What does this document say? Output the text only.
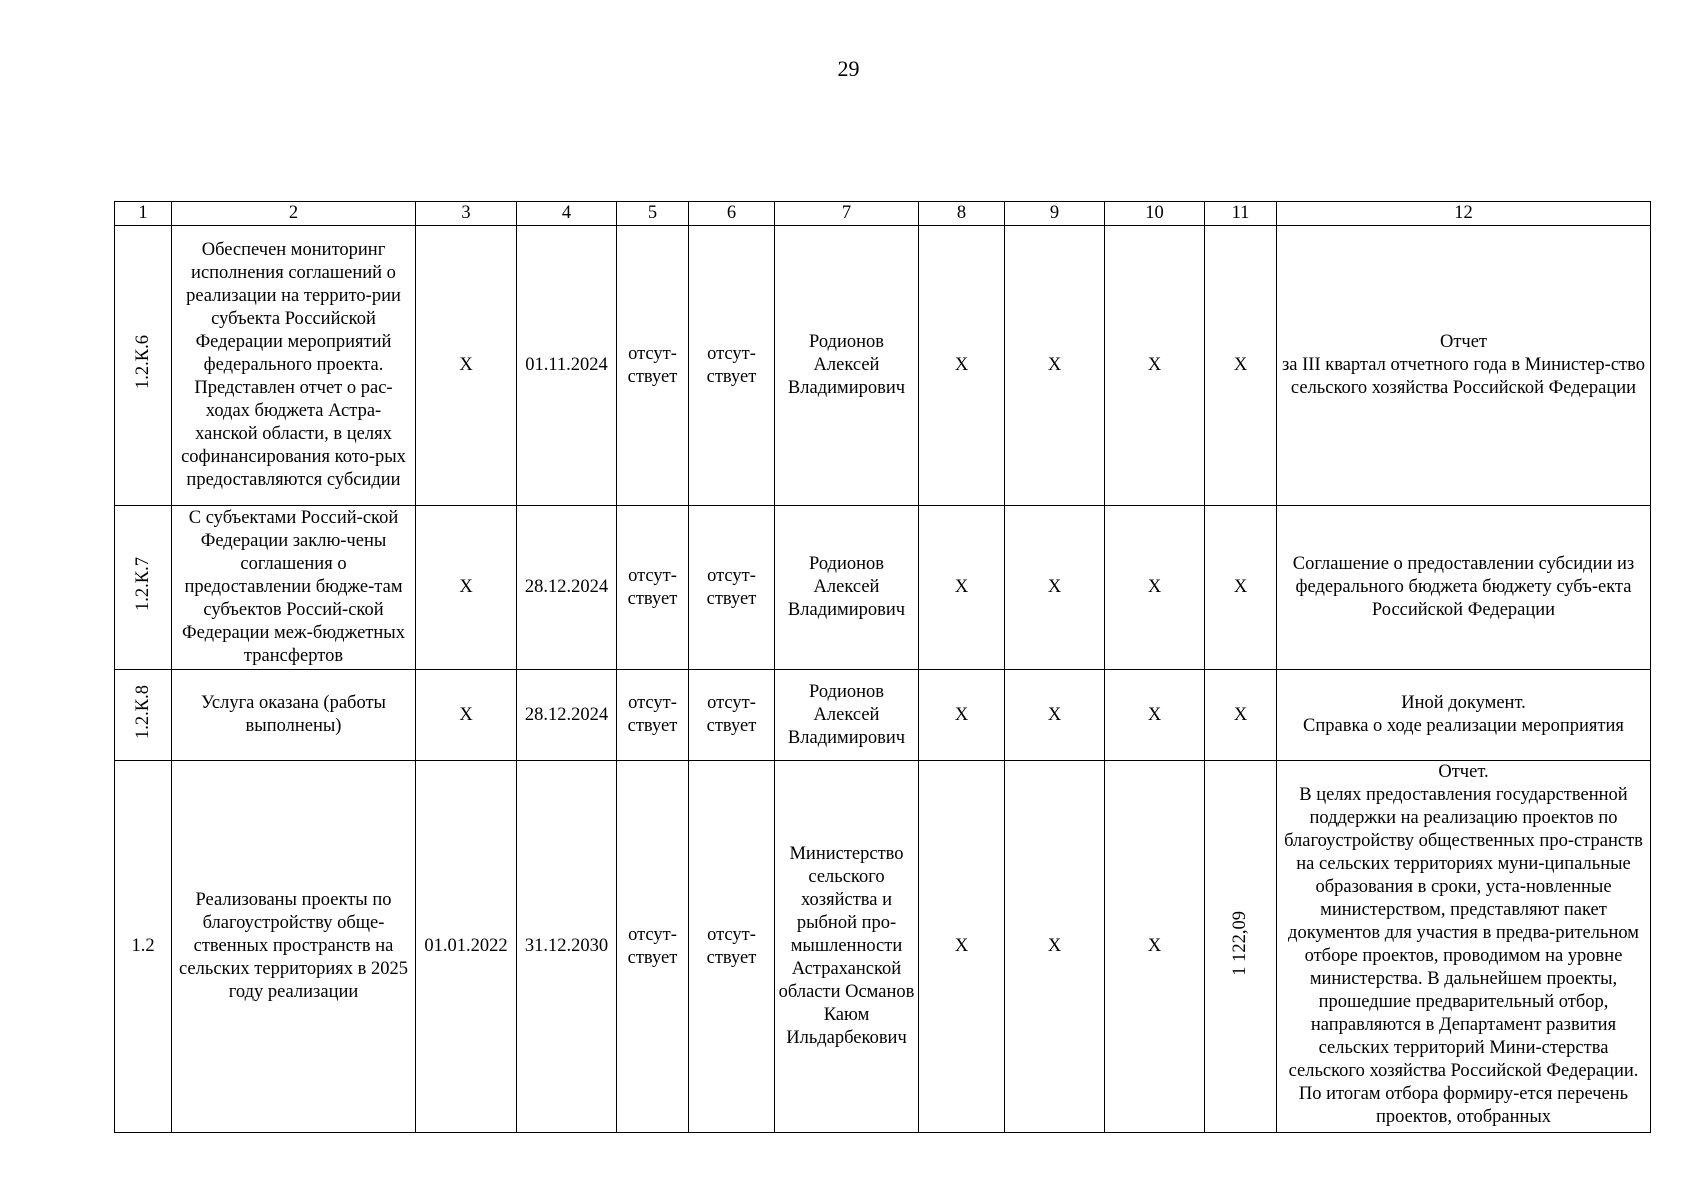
29
1	2	3	4	5	6	7	8	9	10	11	12
1.2.К.6	Обеспечен мониторинг исполнения соглашений о реализации на террито-рии субъекта Российской Федерации мероприятий федерального проекта. Представлен отчет о рас-ходах бюджета Астра-ханской области, в целях софинансирования кото-рых предоставляются субсидии	Х	01.11.2024	отсут-ствует	отсут-ствует	Родионов Алексей Владимирович	Х	Х	Х	Х	Отчет
за III квартал отчетного года в Министер-ство сельского хозяйства Российской Федерации

1.2.К.7	С субъектами Россий-ской Федерации заклю-чены соглашения о предоставлении бюдже-там субъектов Россий-ской Федерации меж-бюджетных трансфертов	Х	28.12.2024	отсут-ствует	отсут-ствует	Родионов Алексей Владимирович	Х	Х	Х	Х	Соглашение о предоставлении субсидии из федерального бюджета бюджету субъ-екта Российской Федерации

1.2.К.8	Услуга оказана (работы выполнены)	Х	28.12.2024	отсут-ствует	отсут-ствует	Родионов Алексей Владимирович	Х	Х	Х	Х	Иной документ.
Справка о ходе реализации мероприятия

1.2	Реализованы проекты по благоустройству обще-ственных пространств на сельских территориях в 2025 году реализации	01.01.2022	31.12.2030	отсут-ствует	отсут-ствует	Министерство сельского хозяйства и рыбной про-мышленности Астраханской области Османов Каюм Ильдарбекович	Х	Х	Х	1 122,09	Отчет.
В целях предоставления государственной поддержки на реализацию проектов по благоустройству общественных про-странств на сельских территориях муни-ципальные образования в сроки, уста-новленные министерством, представляют пакет документов для участия в предва-рительном отборе проектов, проводимом на уровне министерства. В дальнейшем проекты, прошедшие предварительный отбор, направляются в Департамент развития сельских территорий Мини-стерства сельского хозяйства Российской Федерации. По итогам отбора формиру-ется перечень проектов, отобранных
